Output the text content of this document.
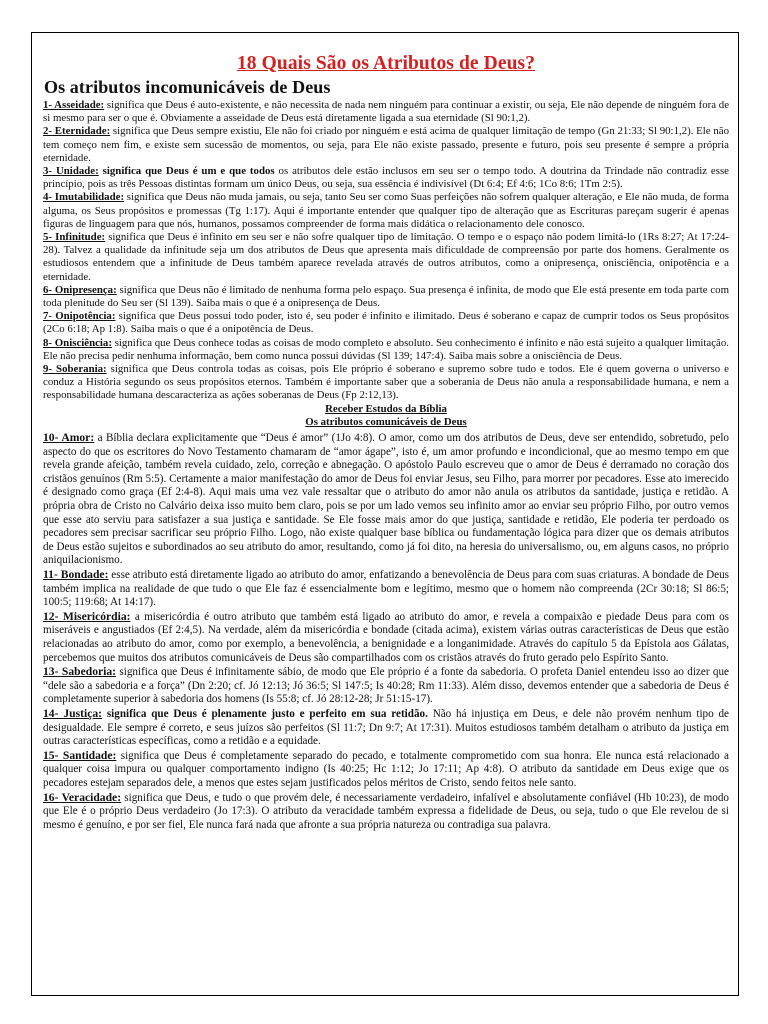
18 Quais São os Atributos de Deus?
Os atributos incomunicáveis de Deus

1- Asseidade: significa que Deus é auto-existente, e não necessita de nada nem ninguém para continuar a existir, ou seja, Ele não depende de ninguém fora de si mesmo para ser o que é. Obviamente a asseidade de Deus está diretamente ligada a sua eternidade (Sl 90:1,2).

2- Eternidade: significa que Deus sempre existiu, Ele não foi criado por ninguém e está acima de qualquer limitação de tempo (Gn 21:33; Sl 90:1,2). Ele não tem começo nem fim, e existe sem sucessão de momentos, ou seja, para Ele não existe passado, presente e futuro, pois seu presente é sempre a própria eternidade.

3- Unidade: significa que Deus é um e que todos os atributos dele estão inclusos em seu ser o tempo todo. A doutrina da Trindade não contradiz esse princípio, pois as três Pessoas distintas formam um único Deus, ou seja, sua essência é indivisível (Dt 6:4; Ef 4:6; 1Co 8:6; 1Tm 2:5).

4- Imutabilidade: significa que Deus não muda jamais, ou seja, tanto Seu ser como Suas perfeições não sofrem qualquer alteração, e Ele não muda, de forma alguma, os Seus propósitos e promessas (Tg 1:17). Aqui é importante entender que qualquer tipo de alteração que as Escrituras pareçam sugerir é apenas figuras de linguagem para que nós, humanos, possamos compreender de forma mais didática o relacionamento dele conosco.

5- Infinitude: significa que Deus é infinito em seu ser e não sofre qualquer tipo de limitação. O tempo e o espaço não podem limitá-lo (1Rs 8:27; At 17:24-28). Talvez a qualidade da infinitude seja um dos atributos de Deus que apresenta mais dificuldade de compreensão por parte dos homens. Geralmente os estudiosos entendem que a infinitude de Deus também aparece revelada através de outros atributos, como a onipresença, onisciência, onipotência e a eternidade.

6- Onipresença: significa que Deus não é limitado de nenhuma forma pelo espaço. Sua presença é infinita, de modo que Ele está presente em toda parte com toda plenitude do Seu ser (Sl 139). Saiba mais o que é a onipresença de Deus.

7- Onipotência: significa que Deus possui todo poder, isto é, seu poder é infinito e ilimitado. Deus é soberano e capaz de cumprir todos os Seus propósitos (2Co 6:18; Ap 1:8). Saiba mais o que é a onipotência de Deus.

8- Onisciência: significa que Deus conhece todas as coisas de modo completo e absoluto. Seu conhecimento é infinito e não está sujeito a qualquer limitação. Ele não precisa pedir nenhuma informação, bem como nunca possui dúvidas (Sl 139; 147:4). Saiba mais sobre a onisciência de Deus.

9- Soberania: significa que Deus controla todas as coisas, pois Ele próprio é soberano e supremo sobre tudo e todos. Ele é quem governa o universo e conduz a História segundo os seus propósitos eternos. Também é importante saber que a soberania de Deus não anula a responsabilidade humana, e nem a responsabilidade humana descaracteriza as ações soberanas de Deus (Fp 2:12,13).

Receber Estudos da Bíblia

Os atributos comunicáveis de Deus

10- Amor: a Bíblia declara explicitamente que “Deus é amor” (1Jo 4:8). O amor, como um dos atributos de Deus, deve ser entendido, sobretudo, pelo aspecto do que os escritores do Novo Testamento chamaram de “amor ágape”, isto é, um amor profundo e incondicional, que ao mesmo tempo em que revela grande afeição, também revela cuidado, zelo, correção e abnegação. O apóstolo Paulo escreveu que o amor de Deus é derramado no coração dos cristãos genuínos (Rm 5:5). Certamente a maior manifestação do amor de Deus foi enviar Jesus, seu Filho, para morrer por pecadores. Esse ato imerecido é designado como graça (Ef 2:4-8). Aqui mais uma vez vale ressaltar que o atributo do amor não anula os atributos da santidade, justiça e retidão. A própria obra de Cristo no Calvário deixa isso muito bem claro, pois se por um lado vemos seu infinito amor ao enviar seu próprio Filho, por outro vemos que esse ato serviu para satisfazer a sua justiça e santidade. Se Ele fosse mais amor do que justiça, santidade e retidão, Ele poderia ter perdoado os pecadores sem precisar sacrificar seu próprio Filho. Logo, não existe qualquer base bíblica ou fundamentação lógica para dizer que os demais atributos de Deus estão sujeitos e subordinados ao seu atributo do amor, resultando, como já foi dito, na heresia do universalismo, ou, em alguns casos, no próprio aniquilacionismo.

11- Bondade: esse atributo está diretamente ligado ao atributo do amor, enfatizando a benevolência de Deus para com suas criaturas. A bondade de Deus também implica na realidade de que tudo o que Ele faz é essencialmente bom e legítimo, mesmo que o homem não compreenda (2Cr 30:18; Sl 86:5; 100:5; 119:68; At 14:17).

12- Misericórdia: a misericórdia é outro atributo que também está ligado ao atributo do amor, e revela a compaixão e piedade Deus para com os miseráveis e angustiados (Ef 2:4,5). Na verdade, além da misericórdia e bondade (citada acima), existem várias outras características de Deus que estão relacionadas ao atributo do amor, como por exemplo, a benevolência, a benignidade e a longanimidade. Através do capítulo 5 da Epístola aos Gálatas, percebemos que muitos dos atributos comunicáveis de Deus são compartilhados com os cristãos através do fruto gerado pelo Espírito Santo.

13- Sabedoria: significa que Deus é infinitamente sábio, de modo que Ele próprio é a fonte da sabedoria. O profeta Daniel entendeu isso ao dizer que “dele são a sabedoria e a força” (Dn 2:20; cf. Jó 12:13; Jó 36:5; Sl 147:5; Is 40:28; Rm 11:33). Além disso, devemos entender que a sabedoria de Deus é completamente superior à sabedoria dos homens (Is 55:8; cf. Jó 28:12-28; Jr 51:15-17).

14- Justiça: significa que Deus é plenamente justo e perfeito em sua retidão. Não há injustiça em Deus, e dele não provém nenhum tipo de desigualdade. Ele sempre é correto, e seus juízos são perfeitos (Sl 11:7; Dn 9:7; At 17:31). Muitos estudiosos também detalham o atributo da justiça em outras características específicas, como a retidão e a equidade.

15- Santidade: significa que Deus é completamente separado do pecado, e totalmente comprometido com sua honra. Ele nunca está relacionado a qualquer coisa impura ou qualquer comportamento indigno (Is 40:25; Hc 1:12; Jo 17:11; Ap 4:8). O atributo da santidade em Deus exige que os pecadores estejam separados dele, a menos que estes sejam justificados pelos méritos de Cristo, sendo feitos nele santo.

16- Veracidade: significa que Deus, e tudo o que provém dele, é necessariamente verdadeiro, infalível e absolutamente confiável (Hb 10:23), de modo que Ele é o próprio Deus verdadeiro (Jo 17:3). O atributo da veracidade também expressa a fidelidade de Deus, ou seja, tudo o que Ele revelou de si mesmo é genuíno, e por ser fiel, Ele nunca fará nada que afronte a sua própria natureza ou contradiga sua palavra.
